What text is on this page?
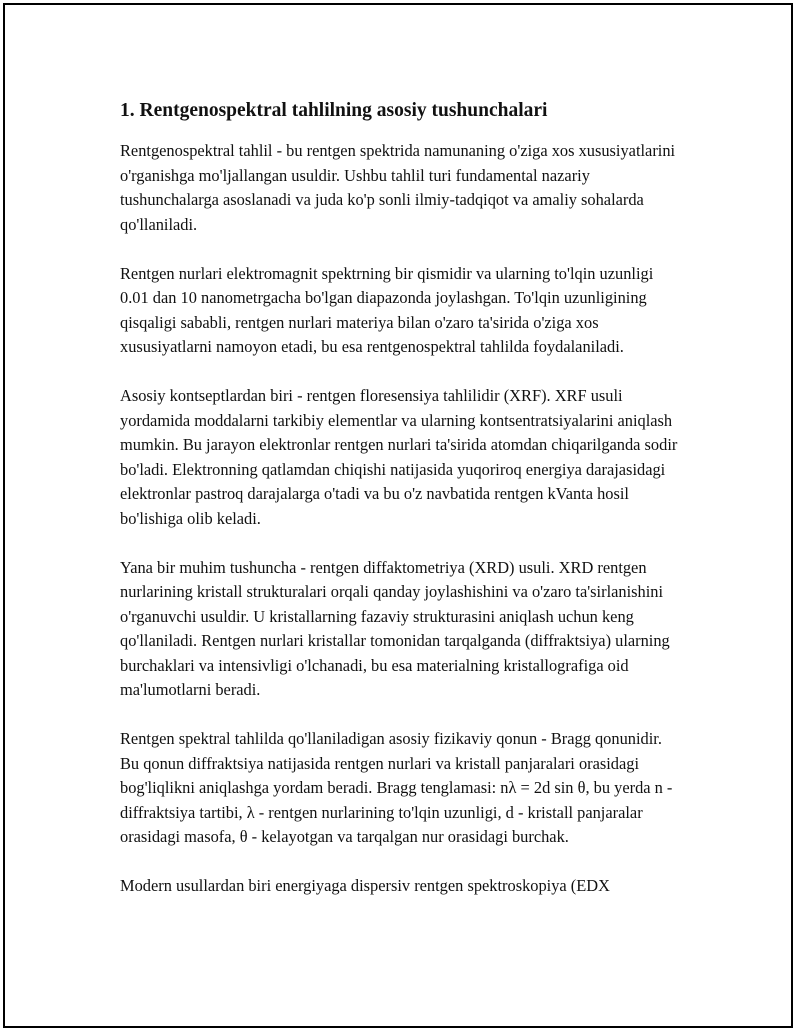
1. Rentgenospektral tahlilning asosiy tushunchalari

Rentgenospektral tahlil - bu rentgen spektrida namunaning o'ziga xos xususiyatlarini o'rganishga mo'ljallangan usuldir. Ushbu tahlil turi fundamental nazariy tushunchalarga asoslanadi va juda ko'p sonli ilmiy-tadqiqot va amaliy sohalarda qo'llaniladi.

Rentgen nurlari elektromagnit spektrning bir qismidir va ularning to'lqin uzunligi 0.01 dan 10 nanometrgacha bo'lgan diapazonda joylashgan. To'lqin uzunligining qisqaligi sababli, rentgen nurlari materiya bilan o'zaro ta'sirida o'ziga xos xususiyatlarni namoyon etadi, bu esa rentgenospektral tahlilda foydalaniladi.

Asosiy kontseptlardan biri - rentgen floresensiya tahlilidir (XRF). XRF usuli yordamida moddalarni tarkibiy elementlar va ularning kontsentratsiyalarini aniqlash mumkin. Bu jarayon elektronlar rentgen nurlari ta'sirida atomdan chiqarilganda sodir bo'ladi. Elektronning qatlamdan chiqishi natijasida yuqoriroq energiya darajasidagi elektronlar pastroq darajalarga o'tadi va bu o'z navbatida rentgen kVanta hosil bo'lishiga olib keladi.

Yana bir muhim tushuncha - rentgen diffaktometriya (XRD) usuli. XRD rentgen nurlarining kristall strukturalari orqali qanday joylashishini va o'zaro ta'sirlanishini o'rganuvchi usuldir. U kristallarning fazaviy strukturasini aniqlash uchun keng qo'llaniladi. Rentgen nurlari kristallar tomonidan tarqalganda (diffraktsiya) ularning burchaklari va intensivligi o'lchanadi, bu esa materialning kristallografiga oid ma'lumotlarni beradi.

Rentgen spektral tahlilda qo'llaniladigan asosiy fizikaviy qonun - Bragg qonunidir. Bu qonun diffraktsiya natijasida rentgen nurlari va kristall panjaralari orasidagi bog'liqlikni aniqlashga yordam beradi. Bragg tenglamasi: nλ = 2d sin θ, bu yerda n - diffraktsiya tartibi, λ - rentgen nurlarining to'lqin uzunligi, d - kristall panjaralar orasidagi masofa, θ - kelayotgan va tarqalgan nur orasidagi burchak.

Modern usullardan biri energiyaga dispersiv rentgen spektroskopiya (EDX
